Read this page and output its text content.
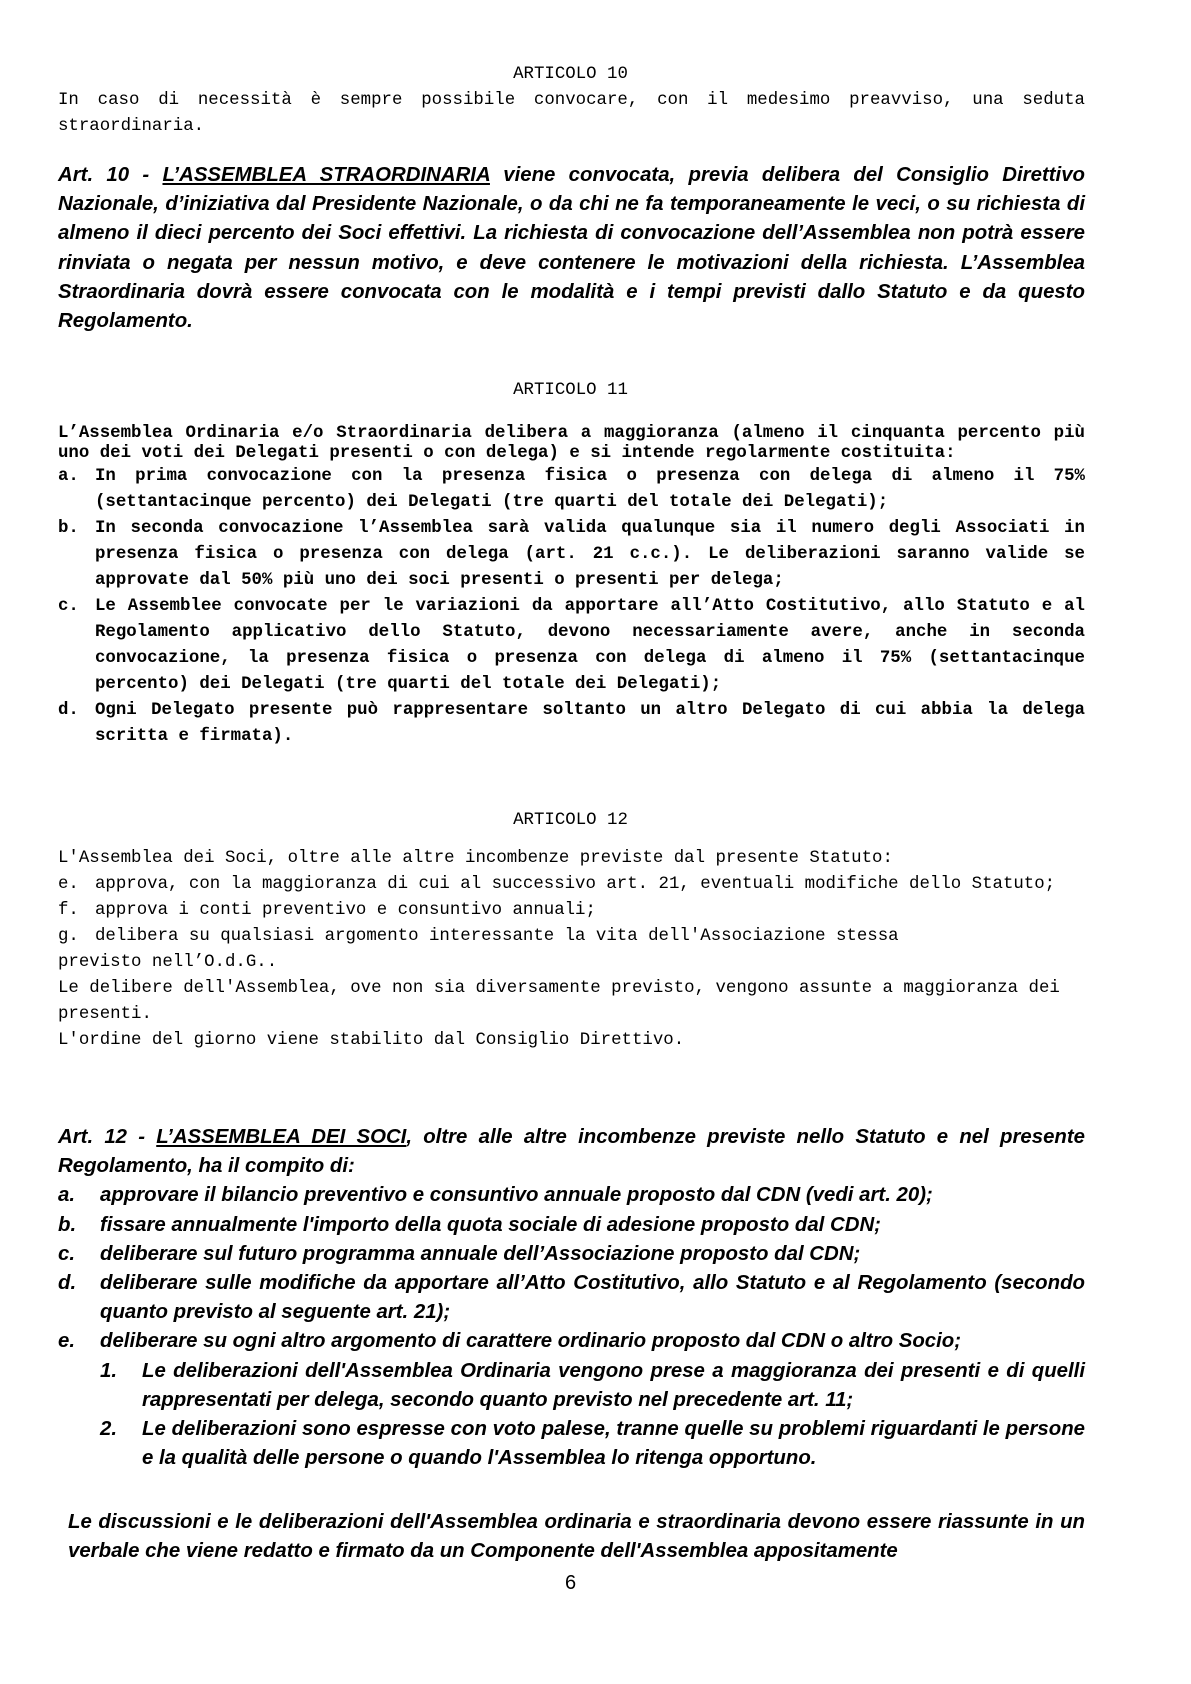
ARTICOLO 10
In caso di necessità è sempre possibile convocare, con il medesimo preavviso, una seduta straordinaria.
Art. 10 - L’ASSEMBLEA STRAORDINARIA viene convocata, previa delibera del Consiglio Direttivo Nazionale, d’iniziativa dal Presidente Nazionale, o da chi ne fa temporaneamente le veci, o su richiesta di almeno il dieci percento dei Soci effettivi. La richiesta di convocazione dell’Assemblea non potrà essere rinviata o negata per nessun motivo, e deve contenere le motivazioni della richiesta. L’Assemblea Straordinaria dovrà essere convocata con le modalità e i tempi previsti dallo Statuto e da questo Regolamento.
ARTICOLO 11

L’Assemblea Ordinaria e/o Straordinaria delibera a maggioranza (almeno il cinquanta percento più uno dei voti dei Delegati presenti o con delega) e si intende regolarmente costituita:

a. In prima convocazione con la presenza fisica o presenza con delega di almeno il 75% (settantacinque percento) dei Delegati (tre quarti del totale dei Delegati);
b. In seconda convocazione l’Assemblea sarà valida qualunque sia il numero degli Associati in presenza fisica o presenza con delega (art. 21 c.c.). Le deliberazioni saranno valide se approvate dal 50% più uno dei soci presenti o presenti per delega;
c. Le Assemblee convocate per le variazioni da apportare all’Atto Costitutivo, allo Statuto e al Regolamento applicativo dello Statuto, devono necessariamente avere, anche in seconda convocazione, la presenza fisica o presenza con delega di almeno il 75% (settantacinque percento) dei Delegati (tre quarti del totale dei Delegati);
d. Ogni Delegato presente può rappresentare soltanto un altro Delegato di cui abbia la delega scritta e firmata).
ARTICOLO 12

L'Assemblea dei Soci, oltre alle altre incombenze previste dal presente Statuto:

e. approva, con la maggioranza di cui al successivo art. 21, eventuali modifiche dello Statuto;
f. approva i conti preventivo e consuntivo annuali;
g. delibera su qualsiasi argomento interessante la vita dell'Associazione stessa

previsto nell’O.d.G..

Le delibere dell'Assemblea, ove non sia diversamente previsto, vengono assunte a maggioranza dei presenti.

L'ordine del giorno viene stabilito dal Consiglio Direttivo.

Art. 12 - L’ASSEMBLEA DEI SOCI, oltre alle altre incombenze previste nello Statuto e nel presente Regolamento, ha il compito di:

a.	approvare il bilancio preventivo e consuntivo annuale proposto dal CDN (vedi art. 20);
b.	fissare annualmente l'importo della quota sociale di adesione proposto dal CDN;
c.	deliberare sul futuro programma annuale dell’Associazione proposto dal CDN;
d.	deliberare sulle modifiche da apportare all’Atto Costitutivo, allo Statuto e al Regolamento (secondo quanto previsto al seguente art. 21);
e.	deliberare su ogni altro argomento di carattere ordinario proposto dal CDN o altro Socio;
1.	Le deliberazioni dell'Assemblea Ordinaria vengono prese a maggioranza dei presenti e di quelli rappresentati per delega, secondo quanto previsto nel precedente art. 11;
2.	Le deliberazioni sono espresse con voto palese, tranne quelle su problemi riguardanti le persone e la qualità delle persone o quando l'Assemblea lo ritenga opportuno.
Le discussioni e le deliberazioni dell'Assemblea ordinaria e straordinaria devono essere riassunte in un verbale che viene redatto e firmato da un Componente dell'Assemblea appositamente
6
